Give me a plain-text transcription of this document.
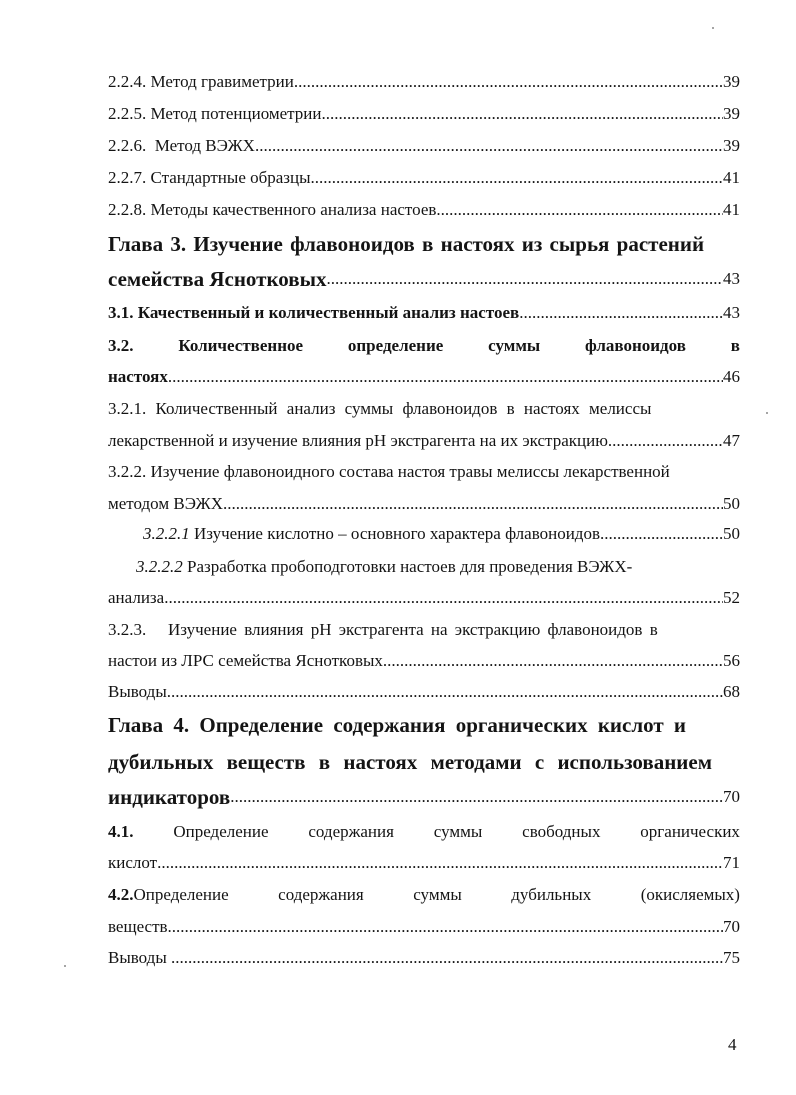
2.2.4. Метод гравиметрии .....	39
2.2.5. Метод потенциометрии .....	39
2.2.6.  Метод ВЭЖХ .....	39
2.2.7. Стандартные образцы .....	41
2.2.8. Методы качественного анализа настоев .....	41
Глава 3. Изучение флавоноидов в настоях из сырья растений
семейства Яснотковых .....	43
3.1. Качественный и количественный анализ настоев .....	43
3.2.	Количественное	определение	суммы	флавоноидов	в
настоях .....	46
3.2.1. Количественный анализ суммы флавоноидов в настоях мелиссы
лекарственной и изучение влияния pH экстрагента на их экстракцию .....	47
3.2.2. Изучение флавоноидного состава настоя травы мелиссы лекарственной
методом ВЭЖХ .....	50
3.2.2.1 Изучение кислотно – основного характера флавоноидов .....	50
3.2.2.2 Разработка пробоподготовки настоев для проведения ВЭЖХ-
анализа .....	52
3.2.3.   Изучение влияния pH экстрагента на экстракцию флавоноидов в
настои из ЛРС семейства Яснотковых .....	56
Выводы .....	68
Глава 4. Определение содержания органических кислот и
дубильных веществ в настоях методами с использованием
индикаторов .....	70
4.1. Определение содержания суммы свободных органических
кислот .....	71
4.2.Определение	содержания	суммы	дубильных	(окисляемых)
веществ .....	70
Выводы .....	75
4
